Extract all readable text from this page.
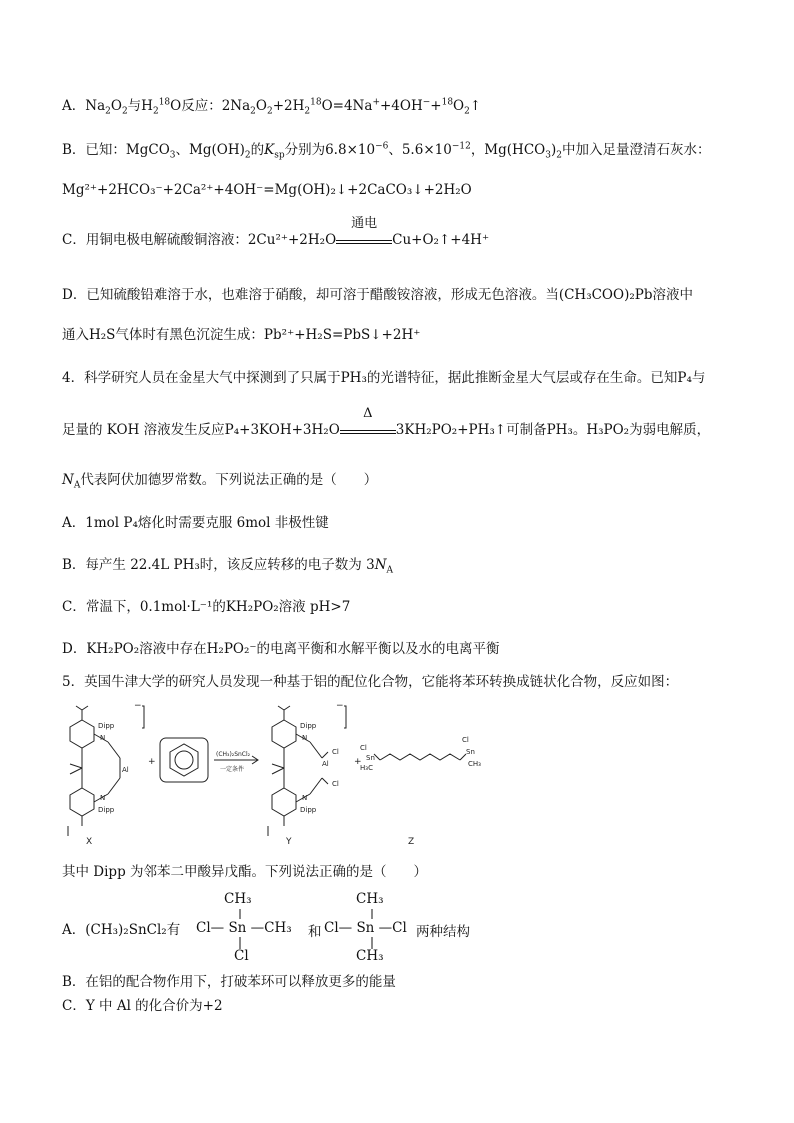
A．$Na_2O_2$与$H_2^{18}O$反应：$2Na_2O_2+2H_2^{18}O=4Na^++4OH^-+^{18}O_2↑$
B．已知：MgCO$_3$、$Mg(OH)_2$的$K_{sp}$分别为$6.8\times 10^{-6}$、$5.6\times 10^{-12}$，$Mg(HCO_3)_2$中加入足量澄清石灰水：
Mg²⁺+2HCO₃⁻+2Ca²⁺+4OH⁻=Mg(OH)₂↓+2CaCO₃↓+2H₂O
C．用铜电极电解硫酸铜溶液：2Cu²⁺+2H₂O
通电
Cu+O₂↑+4H⁺
D．已知硫酸铅难溶于水，也难溶于硝酸，却可溶于醋酸铵溶液，形成无色溶液。当(CH₃COO)₂Pb溶液中
通入H₂S气体时有黑色沉淀生成：Pb²⁺+H₂S=PbS↓+2H⁺
4．科学研究人员在金星大气中探测到了只属于PH₃的光谱特征，据此推断金星大气层或存在生命。已知P₄与
足量的 KOH 溶液发生反应P₄+3KOH+3H₂O
Δ
3KH₂PO₂+PH₃↑可制备PH₃。H₃PO₂为弱电解质，
$N_A$代表阿伏加德罗常数。下列说法正确的是（　　）
A．1mol P₄熔化时需要克服 6mol 非极性键
B．每产生 22.4L PH₃时，该反应转移的电子数为 $3N_A$
C．常温下，0.1mol·L⁻¹的KH₂PO₂溶液 pH>7
D．KH₂PO₂溶液中存在H₂PO₂⁻的电离平衡和水解平衡以及水的电离平衡
5．英国牛津大学的研究人员发现一种基于铝的配位化合物，它能将苯环转换成链状化合物，反应如图：
−
Dipp
N
Al
N
Dipp
+
(CH₃)₂SnCl₂
一定条件
−
Dipp
N
Al
Cl
Cl
N
Dipp
+
Cl
Sn
H₃C
Cl
Sn
CH₃
X	Y	Z
其中 Dipp 为邻苯二甲酸异戊酯。下列说法正确的是（　　）
A．(CH₃)₂SnCl₂有
CH₃
Cl— Sn —CH₃
Cl
和
CH₃
Cl— Sn —Cl
CH₃
两种结构
B．在铝的配合物作用下，打破苯环可以释放更多的能量
C．Y 中 Al 的化合价为+2
